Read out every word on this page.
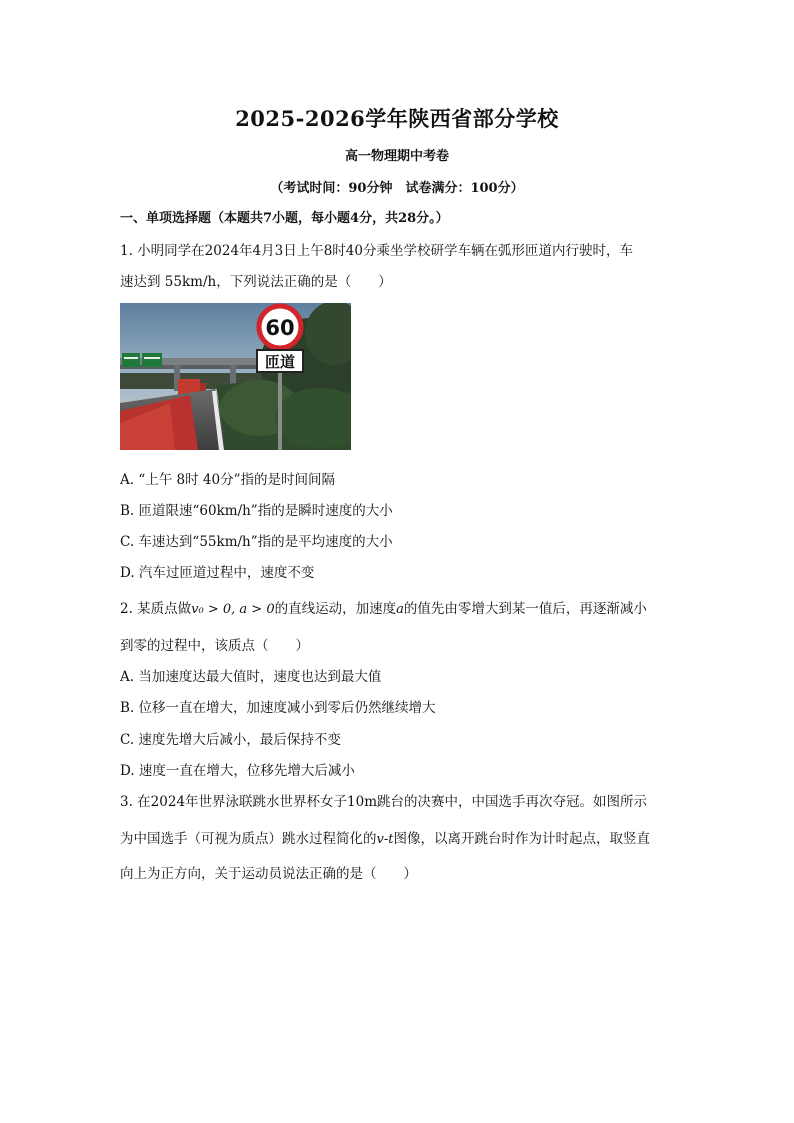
2025-2026学年陕西省部分学校
高一物理期中考卷
（考试时间：90分钟　试卷满分：100分）
一、单项选择题（本题共7小题，每小题4分，共28分。）
1. 小明同学在2024年4月3日上午8时40分乘坐学校研学车辆在弧形匝道内行驶时，车
速达到 55km/h，下列说法正确的是（　　）
60
匝道
A. “上午 8时 40分”指的是时间间隔
B. 匝道限速“60km/h”指的是瞬时速度的大小
C. 车速达到“55km/h”指的是平均速度的大小
D. 汽车过匝道过程中，速度不变
2. 某质点做v₀ > 0, a > 0的直线运动，加速度a的值先由零增大到某一值后，再逐渐减小
到零的过程中，该质点（　　）
A. 当加速度达最大值时，速度也达到最大值
B. 位移一直在增大，加速度减小到零后仍然继续增大
C. 速度先增大后减小，最后保持不变
D. 速度一直在增大，位移先增大后减小
3. 在2024年世界泳联跳水世界杯女子10m跳台的决赛中，中国选手再次夺冠。如图所示
为中国选手（可视为质点）跳水过程简化的v-t图像，以离开跳台时作为计时起点，取竖直
向上为正方向，关于运动员说法正确的是（　　）
